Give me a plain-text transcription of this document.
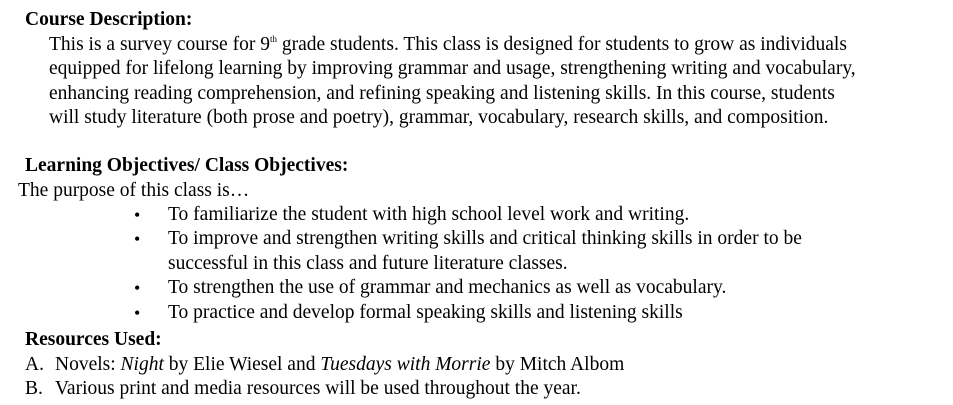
Course Description:

This is a survey course for 9th grade students. This class is designed for students to grow as individuals equipped for lifelong learning by improving grammar and usage, strengthening writing and vocabulary, enhancing reading comprehension, and refining speaking and listening skills. In this course, students will study literature (both prose and poetry), grammar, vocabulary, research skills, and composition.

Learning Objectives/ Class Objectives:
The purpose of this class is…
• To familiarize the student with high school level work and writing.
• To improve and strengthen writing skills and critical thinking skills in order to be successful in this class and future literature classes.
• To strengthen the use of grammar and mechanics as well as vocabulary.
• To practice and develop formal speaking skills and listening skills
Resources Used:
A. Novels: Night by Elie Wiesel and Tuesdays with Morrie by Mitch Albom
B. Various print and media resources will be used throughout the year.
